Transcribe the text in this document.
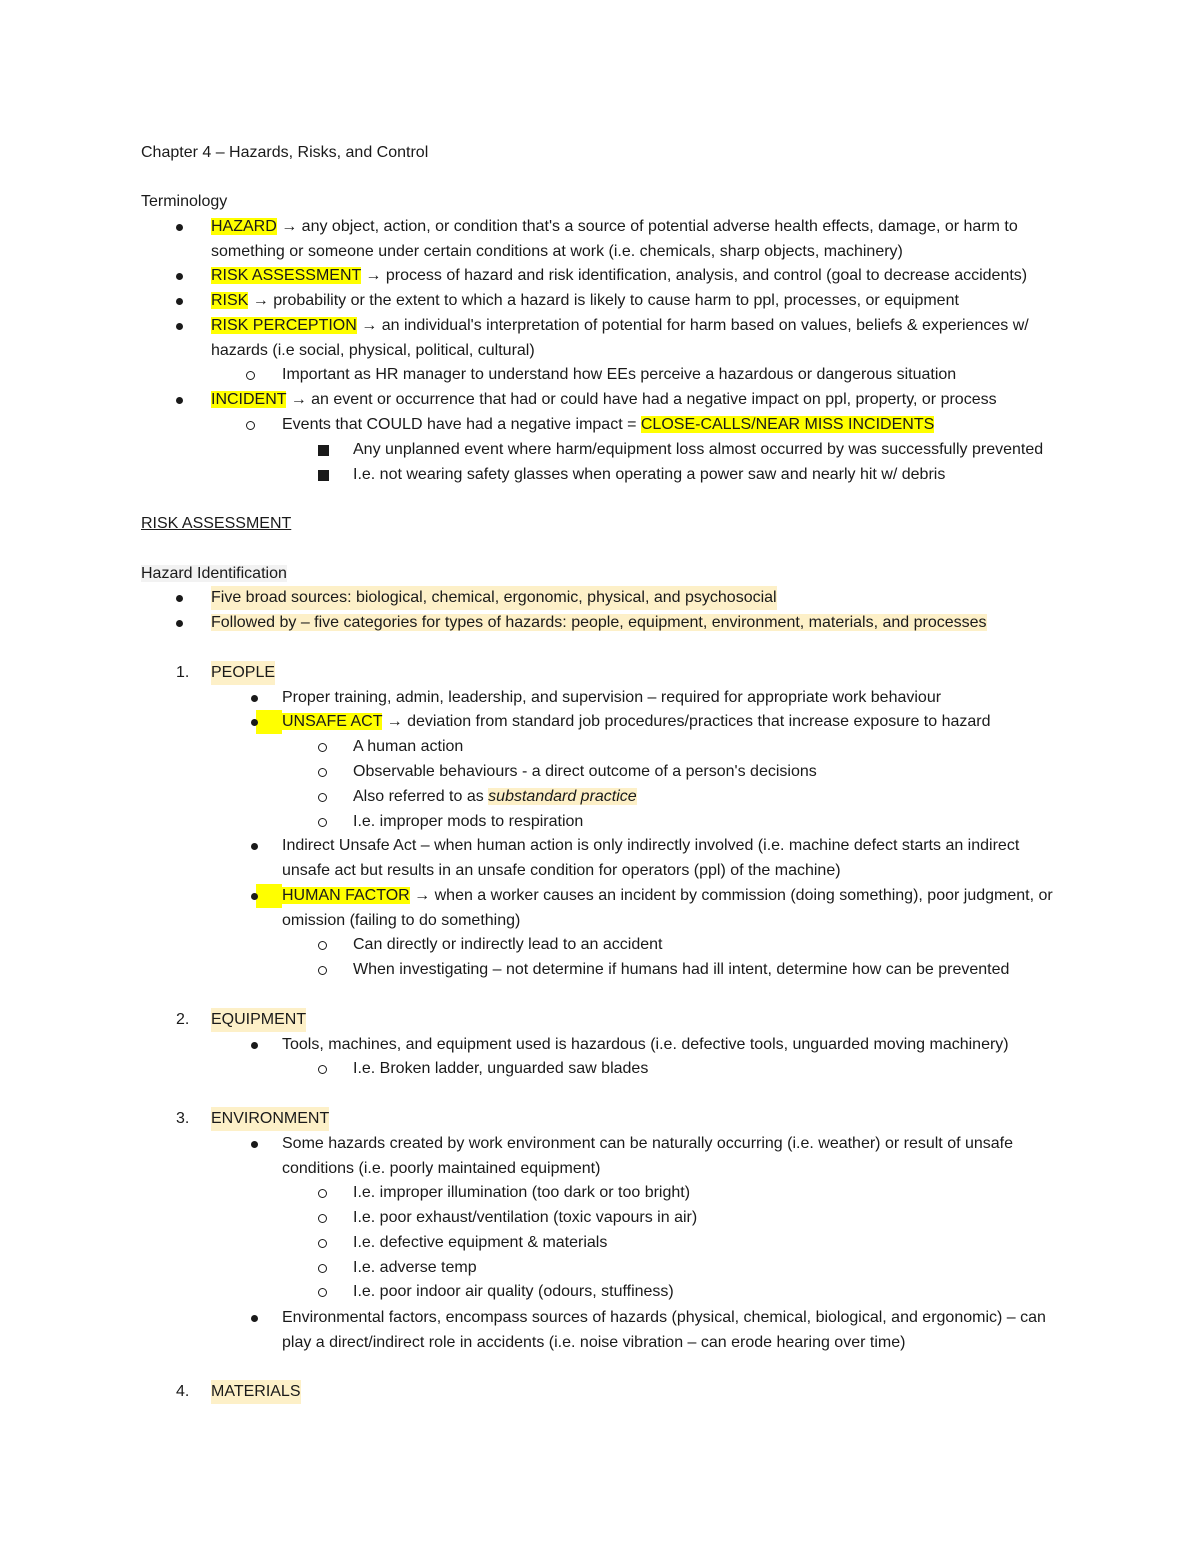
Chapter 4 – Hazards, Risks, and Control
Terminology
HAZARD → any object, action, or condition that's a source of potential adverse health effects, damage, or harm to
something or someone under certain conditions at work (i.e. chemicals, sharp objects, machinery)
RISK ASSESSMENT → process of hazard and risk identification, analysis, and control (goal to decrease accidents)
RISK → probability or the extent to which a hazard is likely to cause harm to ppl, processes, or equipment
RISK PERCEPTION → an individual's interpretation of potential for harm based on values, beliefs & experiences w/
hazards (i.e social, physical, political, cultural)
Important as HR manager to understand how EEs perceive a hazardous or dangerous situation
INCIDENT → an event or occurrence that had or could have had a negative impact on ppl, property, or process
Events that COULD have had a negative impact = CLOSE-CALLS/NEAR MISS INCIDENTS
Any unplanned event where harm/equipment loss almost occurred by was successfully prevented
I.e. not wearing safety glasses when operating a power saw and nearly hit w/ debris
RISK ASSESSMENT
Hazard Identification
Five broad sources: biological, chemical, ergonomic, physical, and psychosocial
Followed by – five categories for types of hazards: people, equipment, environment, materials, and processes
1. PEOPLE
Proper training, admin, leadership, and supervision – required for appropriate work behaviour
UNSAFE ACT → deviation from standard job procedures/practices that increase exposure to hazard
A human action
Observable behaviours - a direct outcome of a person's decisions
Also referred to as substandard practice
I.e. improper mods to respiration
Indirect Unsafe Act – when human action is only indirectly involved (i.e. machine defect starts an indirect
unsafe act but results in an unsafe condition for operators (ppl) of the machine)
HUMAN FACTOR → when a worker causes an incident by commission (doing something), poor judgment, or
omission (failing to do something)
Can directly or indirectly lead to an accident
When investigating – not determine if humans had ill intent, determine how can be prevented
2. EQUIPMENT
Tools, machines, and equipment used is hazardous (i.e. defective tools, unguarded moving machinery)
I.e. Broken ladder, unguarded saw blades
3. ENVIRONMENT
Some hazards created by work environment can be naturally occurring (i.e. weather) or result of unsafe
conditions (i.e. poorly maintained equipment)
I.e. improper illumination (too dark or too bright)
I.e. poor exhaust/ventilation (toxic vapours in air)
I.e. defective equipment & materials
I.e. adverse temp
I.e. poor indoor air quality (odours, stuffiness)
Environmental factors, encompass sources of hazards (physical, chemical, biological, and ergonomic) – can
play a direct/indirect role in accidents (i.e. noise vibration – can erode hearing over time)
4. MATERIALS
